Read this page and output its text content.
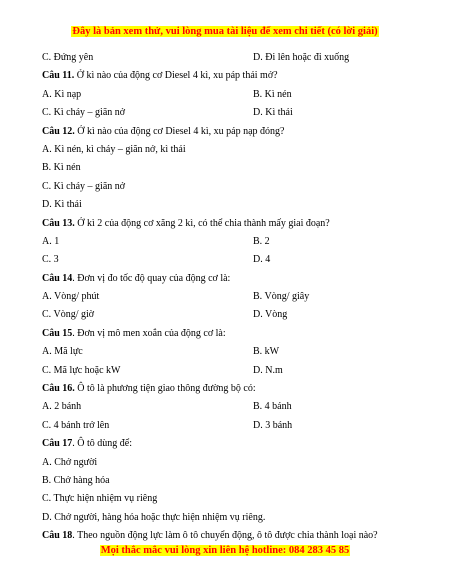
Đây là bản xem thử, vui lòng mua tài liệu để xem chi tiết (có lời giải)
C. Đứng yên	D. Đi lên hoặc đi xuống
Câu 11. Ở kì nào của động cơ Diesel 4 kì, xu páp thải mở?
A. Kì nạp	B. Kì nén
C. Kì cháy – giãn nở	D. Kì thải
Câu 12. Ở kì nào của động cơ Diesel 4 kì, xu páp nạp đóng?
A. Kì nén, kì cháy – giãn nở, kì thải
B. Kì nén
C. Kì cháy – giãn nở
D. Kì thải
Câu 13. Ở kì 2 của động cơ xăng 2 kì, có thể chia thành mấy giai đoạn?
A. 1	B. 2
C. 3	D. 4
Câu 14. Đơn vị đo tốc độ quay của động cơ là:
A. Vòng/ phút	B. Vòng/ giây
C. Vòng/ giờ	D. Vòng
Câu 15. Đơn vị mô men xoắn của động cơ là:
A. Mã lực	B. kW
C. Mã lực hoặc kW	D. N.m
Câu 16. Ô tô là phương tiện giao thông đường bộ có:
A. 2 bánh	B. 4 bánh
C. 4 bánh trở lên	D. 3 bánh
Câu 17. Ô tô dùng để:
A. Chở người
B. Chở hàng hóa
C. Thực hiện nhiệm vụ riêng
D. Chở người, hàng hóa hoặc thực hiện nhiệm vụ riêng.
Câu 18. Theo nguồn động lực làm ô tô chuyển động, ô tô được chia thành loại nào?
Mọi thắc mắc vui lòng xin liên hệ hotline: 084 283 45 85
